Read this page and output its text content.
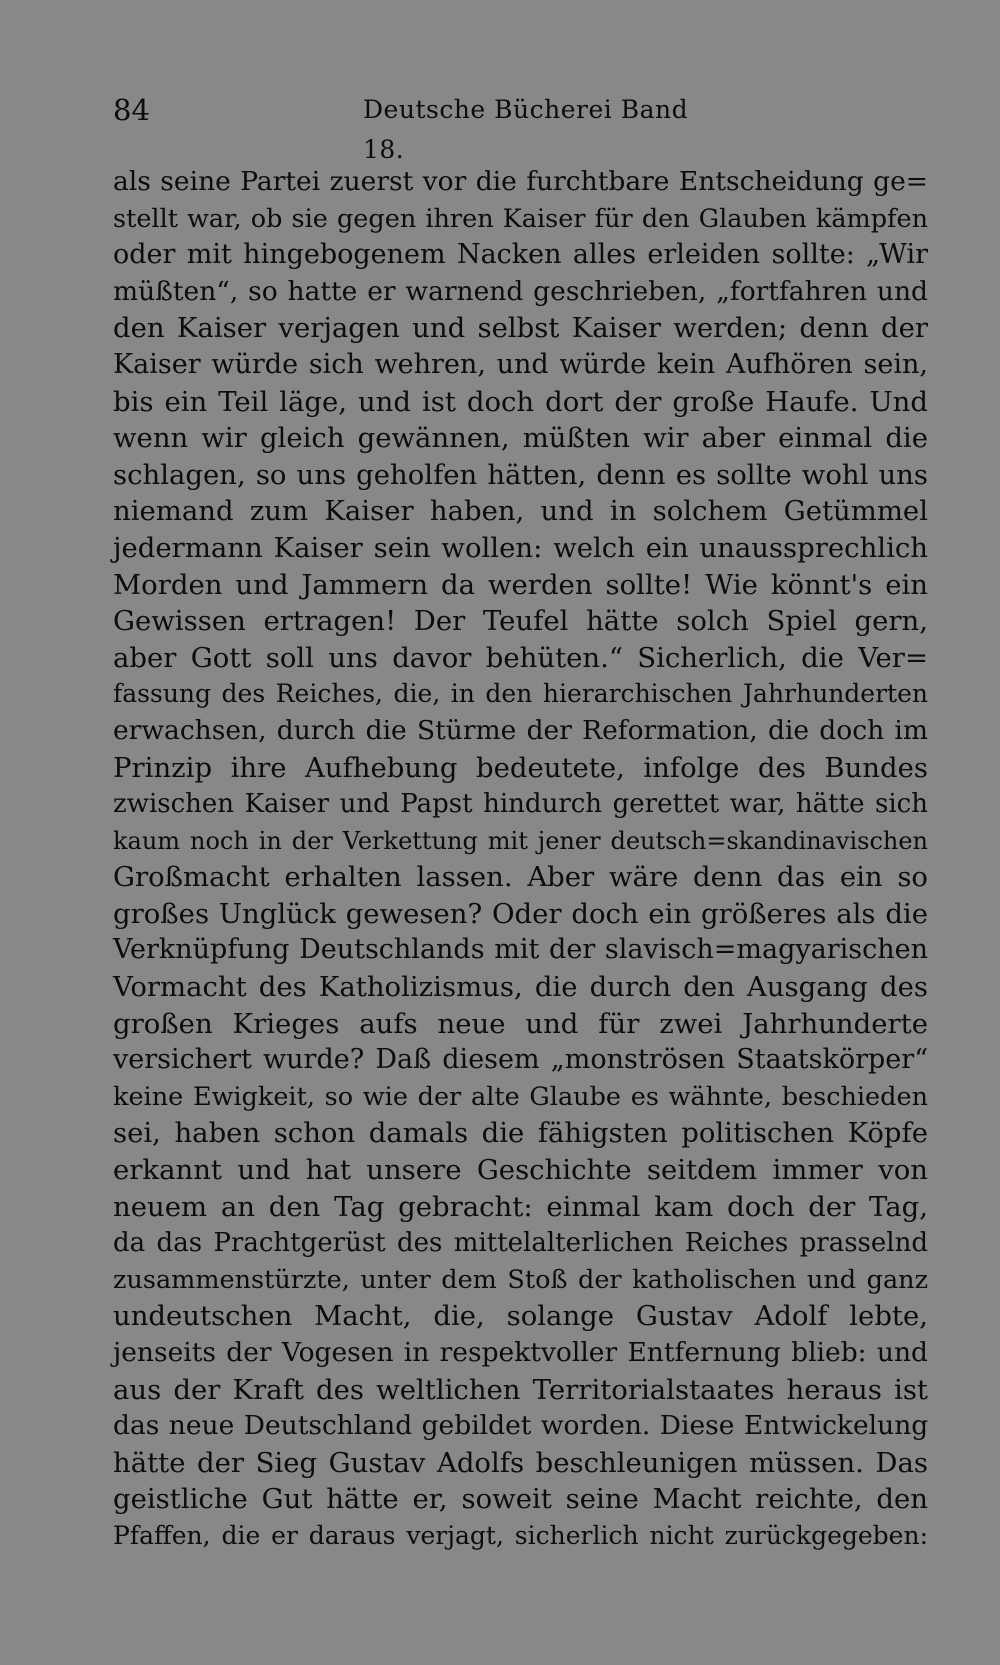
84	Deutsche Bücherei Band 18.
als seine Partei zuerst vor die furchtbare Entscheidung ge=
stellt war, ob sie gegen ihren Kaiser für den Glauben kämpfen
oder mit hingebogenem Nacken alles erleiden sollte: „Wir
müßten“, so hatte er warnend geschrieben, „fortfahren und
den Kaiser verjagen und selbst Kaiser werden; denn der
Kaiser würde sich wehren, und würde kein Aufhören sein,
bis ein Teil läge, und ist doch dort der große Haufe. Und
wenn wir gleich gewännen, müßten wir aber einmal die
schlagen, so uns geholfen hätten, denn es sollte wohl uns
niemand zum Kaiser haben, und in solchem Getümmel
jedermann Kaiser sein wollen: welch ein unaussprechlich
Morden und Jammern da werden sollte! Wie könnt's ein
Gewissen ertragen! Der Teufel hätte solch Spiel gern,
aber Gott soll uns davor behüten.“ Sicherlich, die Ver=
fassung des Reiches, die, in den hierarchischen Jahrhunderten
erwachsen, durch die Stürme der Reformation, die doch im
Prinzip ihre Aufhebung bedeutete, infolge des Bundes
zwischen Kaiser und Papst hindurch gerettet war, hätte sich
kaum noch in der Verkettung mit jener deutsch=skandinavischen
Großmacht erhalten lassen. Aber wäre denn das ein so
großes Unglück gewesen? Oder doch ein größeres als die
Verknüpfung Deutschlands mit der slavisch=magyarischen
Vormacht des Katholizismus, die durch den Ausgang des
großen Krieges aufs neue und für zwei Jahrhunderte
versichert wurde? Daß diesem „monströsen Staatskörper“
keine Ewigkeit, so wie der alte Glaube es wähnte, beschieden
sei, haben schon damals die fähigsten politischen Köpfe
erkannt und hat unsere Geschichte seitdem immer von
neuem an den Tag gebracht: einmal kam doch der Tag,
da das Prachtgerüst des mittelalterlichen Reiches prasselnd
zusammenstürzte, unter dem Stoß der katholischen und ganz
undeutschen Macht, die, solange Gustav Adolf lebte,
jenseits der Vogesen in respektvoller Entfernung blieb: und
aus der Kraft des weltlichen Territorialstaates heraus ist
das neue Deutschland gebildet worden. Diese Entwickelung
hätte der Sieg Gustav Adolfs beschleunigen müssen. Das
geistliche Gut hätte er, soweit seine Macht reichte, den
Pfaffen, die er daraus verjagt, sicherlich nicht zurückgegeben:
